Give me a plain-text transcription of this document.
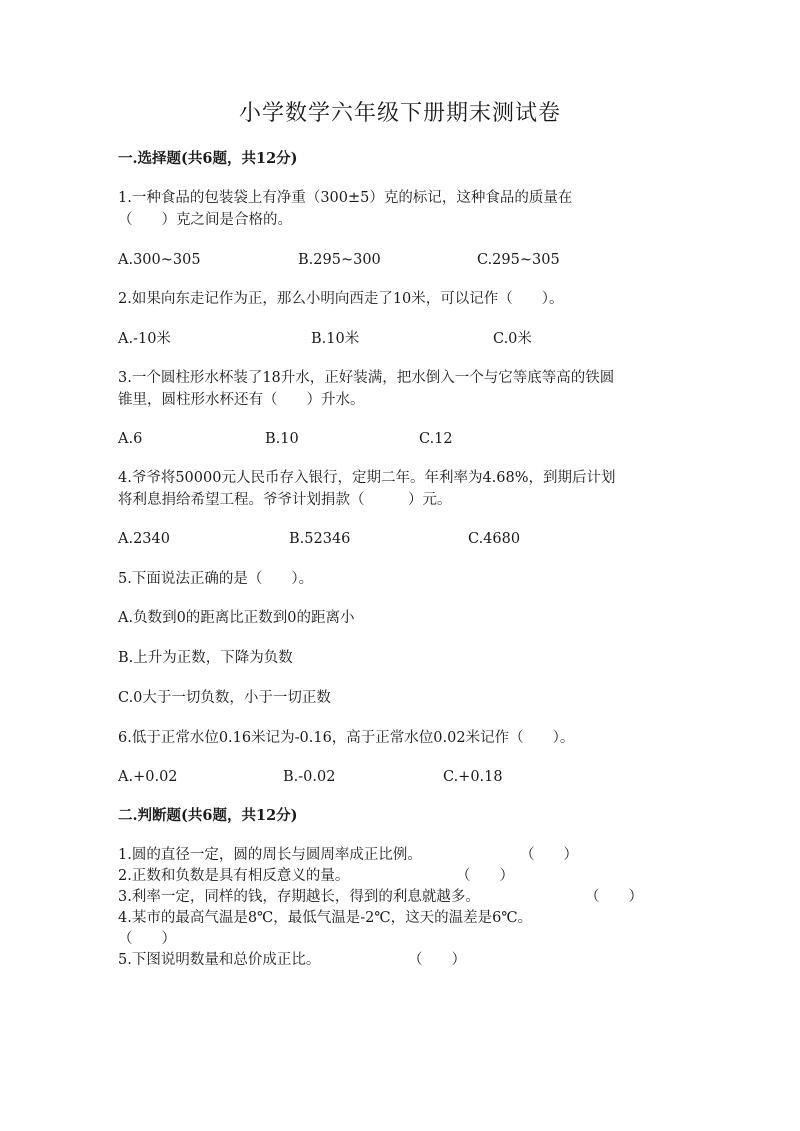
小学数学六年级下册期末测试卷
一.选择题(共6题，共12分)
1.一种食品的包装袋上有净重（300±5）克的标记，这种食品的质量在
（　　）克之间是合格的。
A.300~305	B.295~300	C.295~305
2.如果向东走记作为正，那么小明向西走了10米，可以记作（　　）。
A.-10米	B.10米	C.0米
3.一个圆柱形水杯装了18升水，正好装满，把水倒入一个与它等底等高的铁圆
锥里，圆柱形水杯还有（　　）升水。
A.6	B.10	C.12
4.爷爷将50000元人民币存入银行，定期二年。年利率为4.68%，到期后计划
将利息捐给希望工程。爷爷计划捐款（　　　）元。
A.2340	B.52346	C.4680
5.下面说法正确的是（　　）。
A.负数到0的距离比正数到0的距离小
B.上升为正数，下降为负数
C.0大于一切负数，小于一切正数
6.低于正常水位0.16米记为-0.16，高于正常水位0.02米记作（　　）。
A.+0.02	B.-0.02	C.+0.18
二.判断题(共6题，共12分)
1.圆的直径一定，圆的周长与圆周率成正比例。	（　　）
2.正数和负数是具有相反意义的量。	（　　）
3.利率一定，同样的钱，存期越长，得到的利息就越多。	（　　）
4.某市的最高气温是8℃，最低气温是-2℃，这天的温差是6℃。
（　　）
5.下图说明数量和总价成正比。	（　　）
